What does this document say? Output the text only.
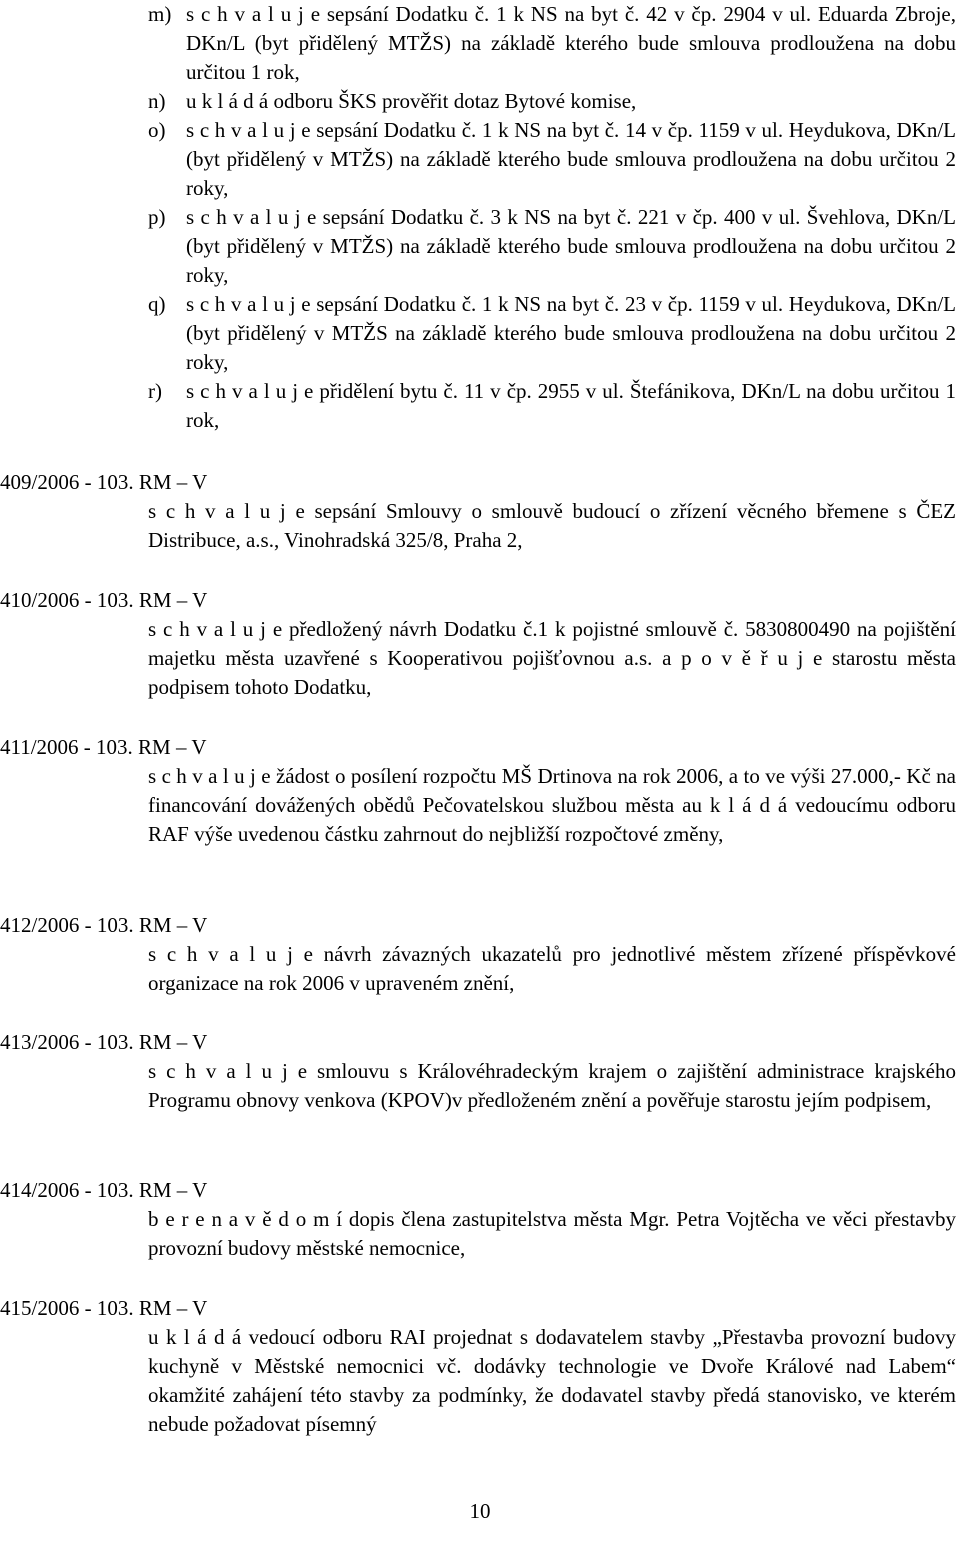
m) s c h v a l u j e sepsání Dodatku č. 1 k NS na byt č. 42 v čp. 2904 v ul. Eduarda Zbroje, DKn/L (byt přidělený MTŽS) na základě kterého bude smlouva prodloužena na dobu určitou 1 rok,
n) u k l á d á odboru ŠKS prověřit dotaz Bytové komise,
o) s c h v a l u j e sepsání Dodatku č. 1 k NS na byt č. 14 v čp. 1159 v ul. Heydukova, DKn/L (byt přidělený v MTŽS) na základě kterého bude smlouva prodloužena na dobu určitou 2 roky,
p) s c h v a l u j e sepsání Dodatku č. 3 k NS na byt č. 221 v čp. 400 v ul. Švehlova, DKn/L (byt přidělený v MTŽS) na základě kterého bude smlouva prodloužena na dobu určitou 2 roky,
q) s c h v a l u j e sepsání Dodatku č. 1 k NS na byt č. 23 v čp. 1159 v ul. Heydukova, DKn/L (byt přidělený v MTŽS na základě kterého bude smlouva prodloužena na dobu určitou 2 roky,
r)	s c h v a l u j e přidělení bytu č. 11 v čp. 2955 v ul. Štefánikova, DKn/L na dobu určitou 1 rok,
409/2006 - 103. RM – V
s c h v a l u j e sepsání Smlouvy o smlouvě budoucí o zřízení věcného břemene s ČEZ Distribuce, a.s., Vinohradská 325/8, Praha 2,
410/2006 - 103. RM – V
s c h v a l u j e předložený návrh Dodatku č.1 k pojistné smlouvě č. 5830800490 na pojištění majetku města uzavřené s Kooperativou pojišťovnou a.s. a p o v ě ř u j e starostu města podpisem tohoto Dodatku,
411/2006 - 103. RM – V
s c h v a l u j e žádost o posílení rozpočtu MŠ Drtinova na rok 2006, a to ve výši 27.000,- Kč na financování dovážených obědů Pečovatelskou službou města au k l á d á vedoucímu odboru RAF výše uvedenou částku zahrnout do nejbližší rozpočtové změny,
412/2006 - 103. RM – V
s c h v a l u j e návrh závazných ukazatelů pro jednotlivé městem zřízené příspěvkové organizace na rok 2006 v upraveném znění,
413/2006 - 103. RM – V
s c h v a l u j e smlouvu s Královéhradeckým krajem o zajištění administrace krajského Programu obnovy venkova (KPOV)v předloženém znění a pověřuje starostu jejím podpisem,
414/2006 - 103. RM – V
b e r e n a v ě d o m í dopis člena zastupitelstva města Mgr. Petra Vojtěcha ve věci přestavby provozní budovy městské nemocnice,
415/2006 - 103. RM – V
u k l á d á vedoucí odboru RAI projednat s dodavatelem stavby „Přestavba provozní budovy kuchyně v Městské nemocnici vč. dodávky technologie ve Dvoře Králové nad Labem“ okamžité zahájení této stavby za podmínky, že dodavatel stavby předá stanovisko, ve kterém nebude požadovat písemný
10
